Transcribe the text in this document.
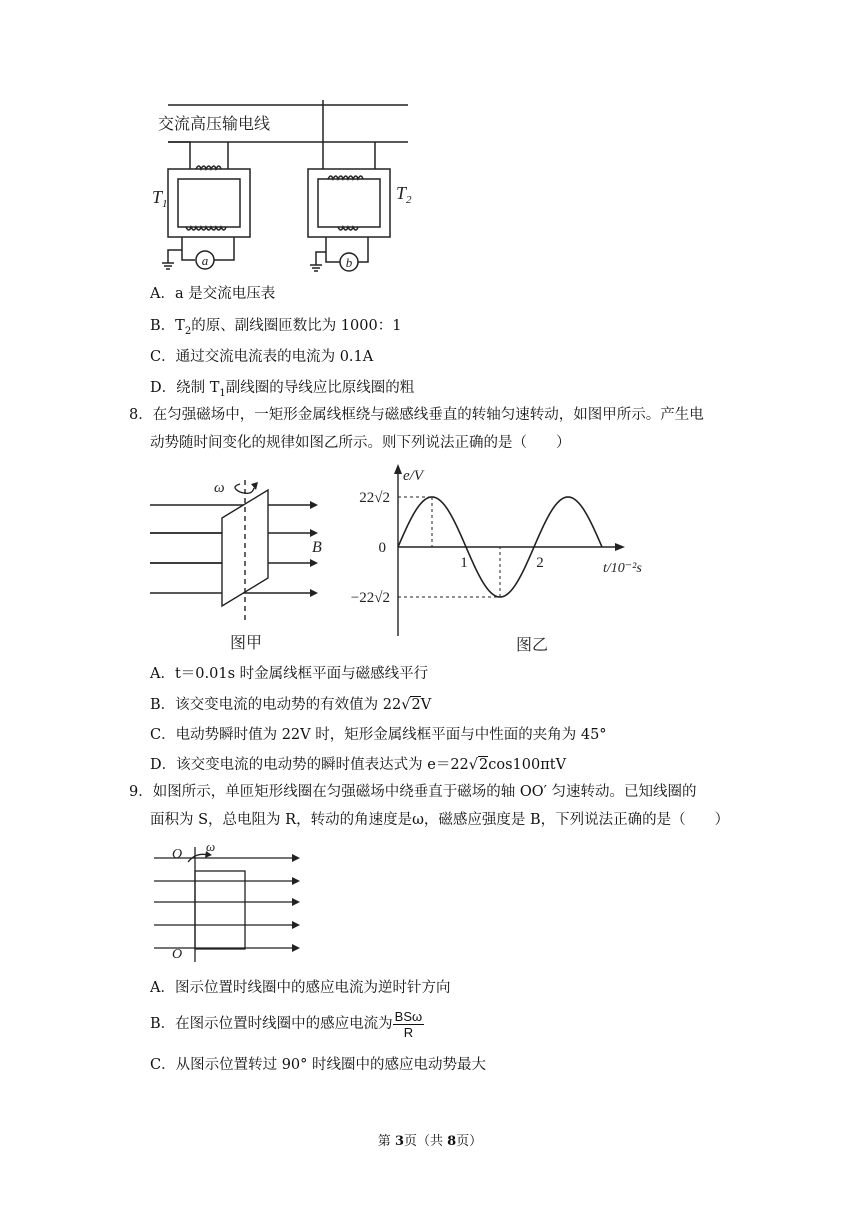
交流高压输电线
$T_1$
$T_2$
a	b
A．a 是交流电压表
B．$T_2$的原、副线圈匝数比为 1000：1
C．通过交流电流表的电流为 0.1A
D．绕制 $T_1$副线圈的导线应比原线圈的粗
8．在匀强磁场中，一矩形金属线框绕与磁感线垂直的转轴匀速转动，如图甲所示。产生电
动势随时间变化的规律如图乙所示。则下列说法正确的是（　　）
ω
B
图甲
1	2
22√2
0
−22√2
e/V
t/10⁻²s
图乙
A．t＝0.01s 时金属线框平面与磁感线平行
B．该交变电流的电动势的有效值为 22√2V
C．电动势瞬时值为 22V 时，矩形金属线框平面与中性面的夹角为 45°
D．该交变电流的电动势的瞬时值表达式为 e＝22√2cos100πtV
9．如图所示，单匝矩形线圈在匀强磁场中绕垂直于磁场的轴 OO′ 匀速转动。已知线圈的
面积为 S，总电阻为 R，转动的角速度是ω，磁感应强度是 B，下列说法正确的是（　　）
O
O
ω
A．图示位置时线圈中的感应电流为逆时针方向
B．在图示位置时线圈中的感应电流为 $\frac{\text{BSω}}{R}$
C．从图示位置转过 90° 时线圈中的感应电动势最大
第 3页（共 8页）
